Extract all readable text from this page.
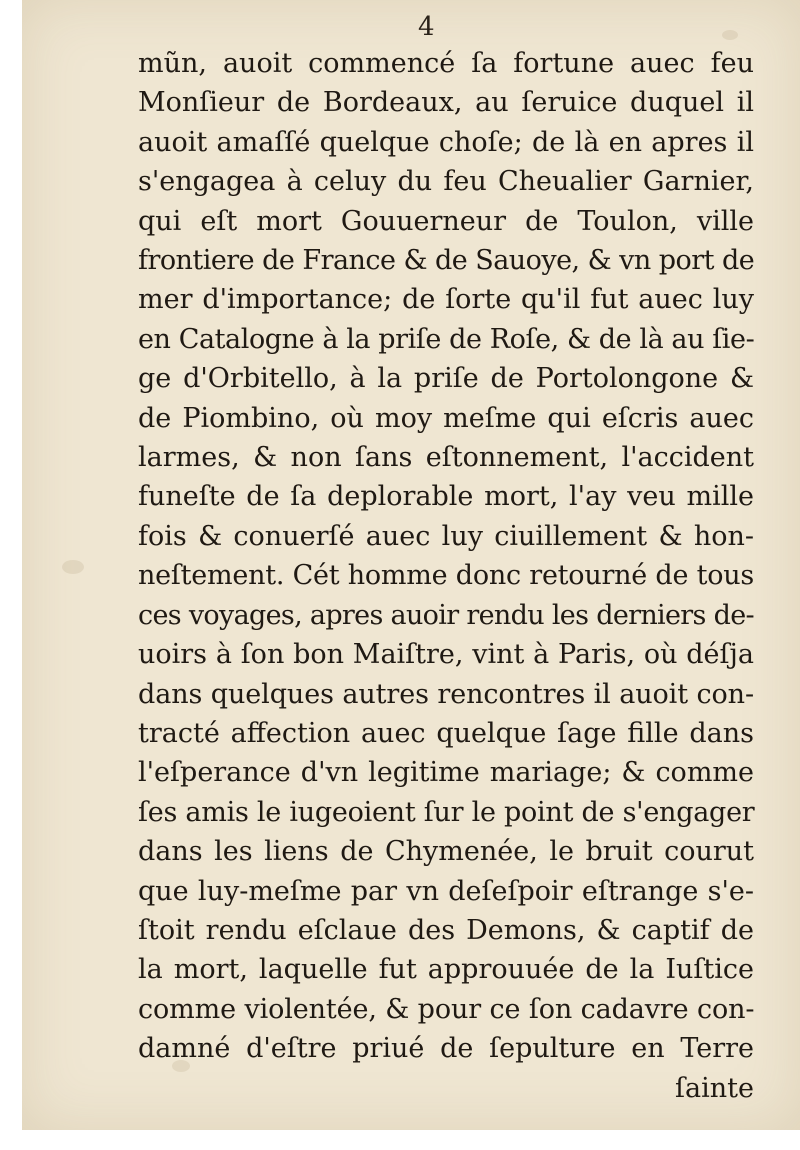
4
mũn, auoit commencé ſa fortune auec feu
Monſieur de Bordeaux, au ſeruice duquel il
auoit amaſſé quelque choſe; de là en apres il
s'engagea à celuy du feu Cheualier Garnier,
qui eſt mort Gouuerneur de Toulon, ville
frontiere de France & de Sauoye, & vn port de
mer d'importance; de ſorte qu'il fut auec luy
en Catalogne à la priſe de Roſe, & de là au ſie-
ge d'Orbitello, à la priſe de Portolongone &
de Piombino, où moy meſme qui eſcris auec
larmes, & non ſans eſtonnement, l'accident
funeſte de ſa deplorable mort, l'ay veu mille
fois & conuerſé auec luy ciuillement & hon-
neſtement. Cét homme donc retourné de tous
ces voyages, apres auoir rendu les derniers de-
uoirs à ſon bon Maiſtre, vint à Paris, où déſja
dans quelques autres rencontres il auoit con-
tracté affection auec quelque ſage fille dans
l'eſperance d'vn legitime mariage; & comme
ſes amis le iugeoient ſur le point de s'engager
dans les liens de Chymenée, le bruit courut
que luy-meſme par vn deſeſpoir eſtrange s'e-
ſtoit rendu eſclaue des Demons, & captif de
la mort, laquelle fut approuuée de la Iuſtice
comme violentée, & pour ce ſon cadavre con-
damné d'eſtre priué de ſepulture en Terre
ſainte
